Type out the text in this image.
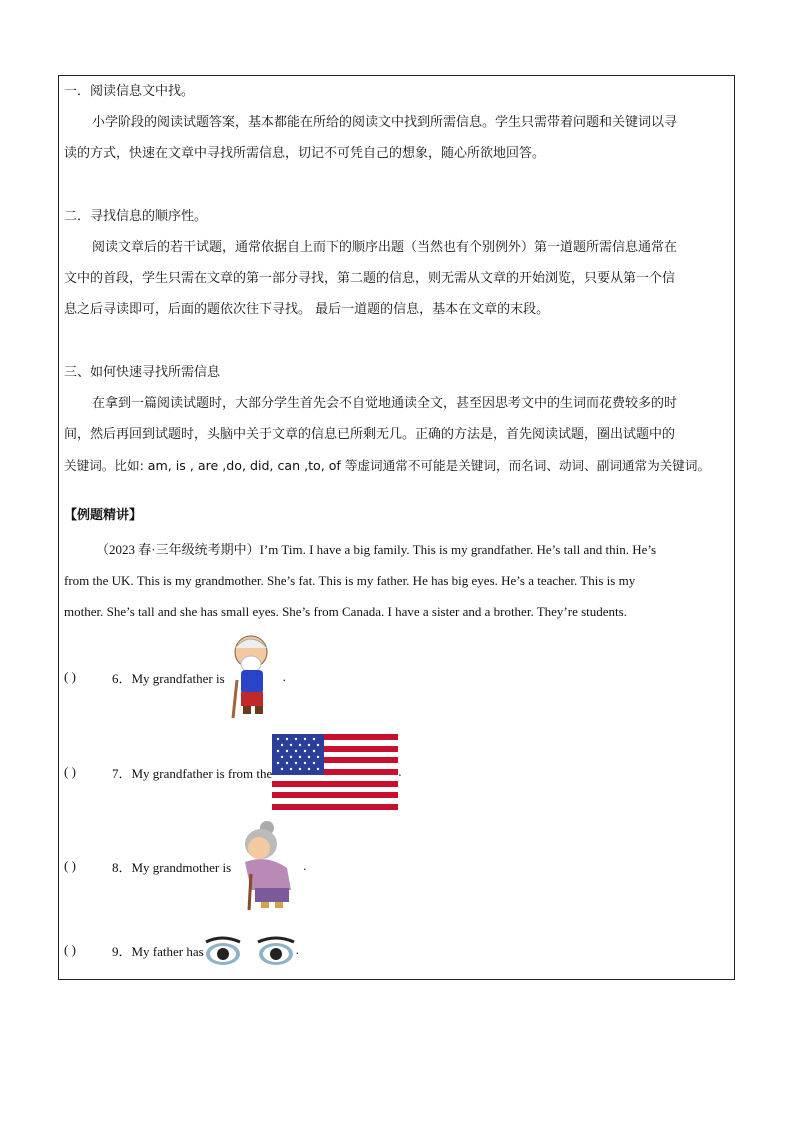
一．阅读信息文中找。
小学阶段的阅读试题答案，基本都能在所给的阅读文中找到所需信息。学生只需带着问题和关键词以寻
读的方式，快速在文章中寻找所需信息，切记不可凭自己的想象，随心所欲地回答。
二．寻找信息的顺序性。
阅读文章后的若干试题，通常依据自上而下的顺序出题（当然也有个别例外）第一道题所需信息通常在
文中的首段，学生只需在文章的第一部分寻找，第二题的信息，则无需从文章的开始浏览，只要从第一个信
息之后寻读即可，后面的题依次往下寻找。 最后一道题的信息，基本在文章的末段。
三、如何快速寻找所需信息
在拿到一篇阅读试题时，大部分学生首先会不自觉地通读全文，甚至因思考文中的生词而花费较多的时
间，然后再回到试题时，头脑中关于文章的信息已所剩无几。正确的方法是，首先阅读试题，圈出试题中的
关键词。比如: am, is , are ,do, did, can ,to, of 等虚词通常不可能是关键词，而名词、动词、副词通常为关键词。
【例题精讲】
（2023 春·三年级统考期中）I’m Tim. I have a big family. This is my grandfather. He’s tall and thin. He’s
from the UK. This is my grandmother. She’s fat. This is my father. He has big eyes. He’s a teacher. This is my
mother. She’s tall and she has small eyes. She’s from Canada. I have a sister and a brother. They’re students.
( )	6．My grandfather is	.
( )	7．My grandfather is from the	.
( )	8．My grandmother is	.
( )	9．My father has	.
